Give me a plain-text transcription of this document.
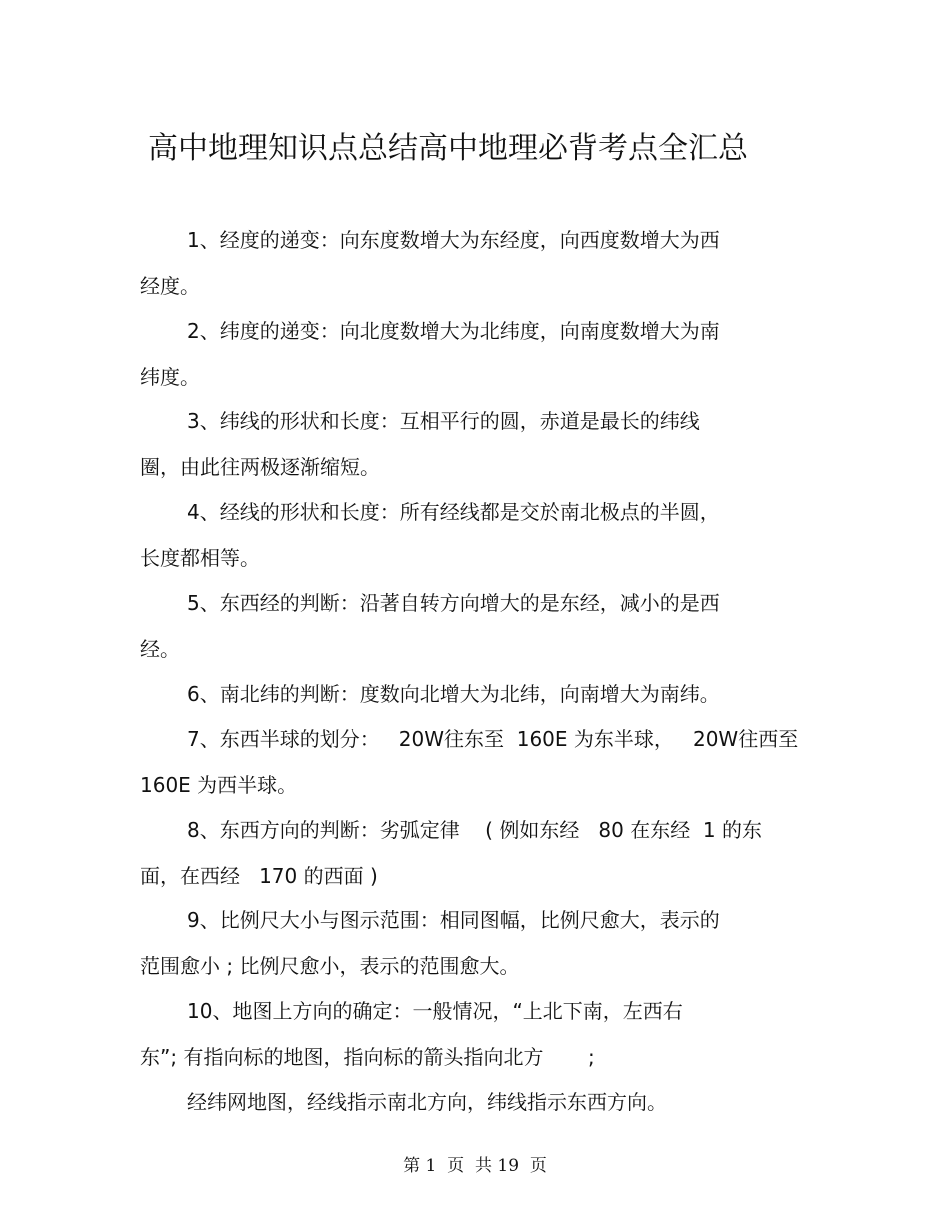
高中地理知识点总结高中地理必背考点全汇总
1、经度的递变：向东度数增大为东经度，向西度数增大为西
经度。
2、纬度的递变：向北度数增大为北纬度，向南度数增大为南
纬度。
3、纬线的形状和长度：互相平行的圆，赤道是最长的纬线
圈，由此往两极逐渐缩短。
4、经线的形状和长度：所有经线都是交於南北极点的半圆，
长度都相等。
5、东西经的判断：沿著自转方向增大的是东经，减小的是西
经。
6、南北纬的判断：度数向北增大为北纬，向南增大为南纬。
7、东西半球的划分：   20W往东至  160E 为东半球，   20W往西至
160E 为西半球。
8、东西方向的判断：劣弧定律    ( 例如东经   80 在东经  1 的东
面，在西经   170 的西面 )
9、比例尺大小与图示范围：相同图幅，比例尺愈大，表示的
范围愈小 ; 比例尺愈小，表示的范围愈大。
10、地图上方向的确定：一般情况，“上北下南，左西右
东”; 有指向标的地图，指向标的箭头指向北方       ;
经纬网地图，经线指示南北方向，纬线指示东西方向。
第 1  页  共 19  页
